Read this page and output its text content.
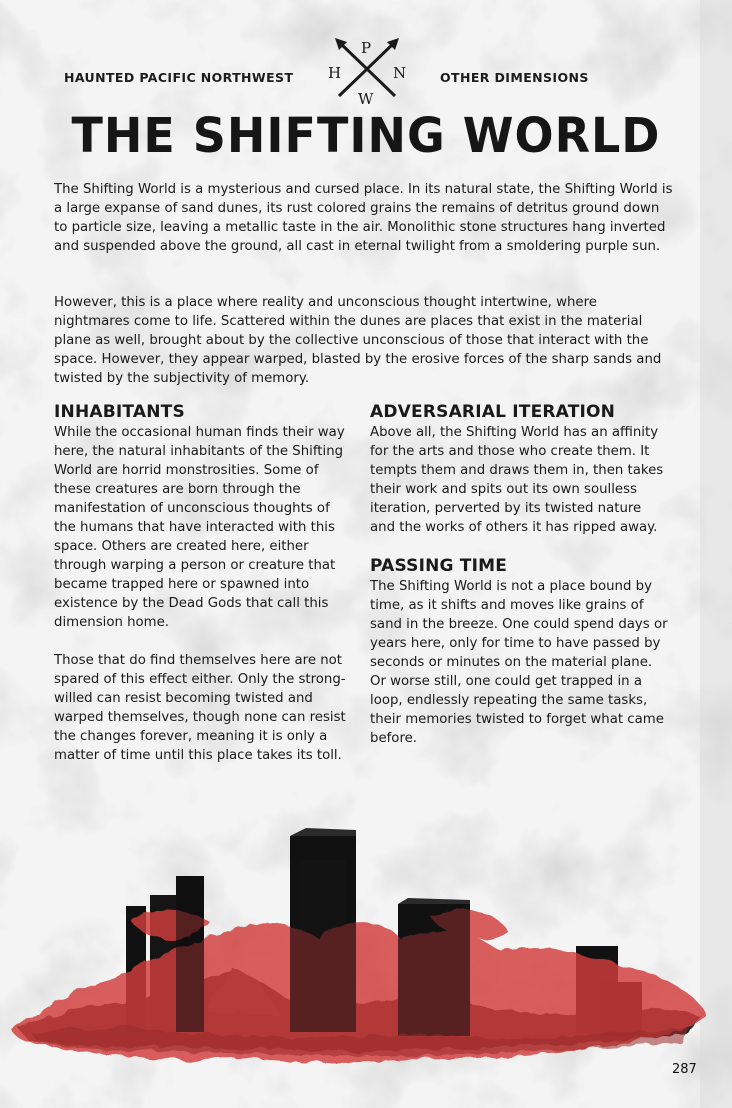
HAUNTED PACIFIC NORTHWEST	OTHER DIMENSIONS
P
H	N
W
THE SHIFTING WORLD

The Shifting World is a mysterious and cursed place. In its natural state, the Shifting World is a large expanse of sand dunes, its rust colored grains the remains of detritus ground down to particle size, leaving a metallic taste in the air. Monolithic stone structures hang inverted and suspended above the ground, all cast in eternal twilight from a smoldering purple sun.

However, this is a place where reality and unconscious thought intertwine, where nightmares come to life. Scattered within the dunes are places that exist in the material plane as well, brought about by the collective unconscious of those that interact with the space. However, they appear warped, blasted by the erosive forces of the sharp sands and twisted by the subjectivity of memory.

INHABITANTS

While the occasional human finds their way here, the natural inhabitants of the Shifting World are horrid monstrosities. Some of these creatures are born through the manifestation of unconscious thoughts of the humans that have interacted with this space. Others are created here, either through warping a person or creature that became trapped here or spawned into existence by the Dead Gods that call this dimension home.

Those that do find themselves here are not spared of this effect either. Only the strong-willed can resist becoming twisted and warped themselves, though none can resist the changes forever, meaning it is only a matter of time until this place takes its toll.

ADVERSARIAL ITERATION

Above all, the Shifting World has an affinity for the arts and those who create them. It tempts them and draws them in, then takes their work and spits out its own soulless iteration, perverted by its twisted nature and the works of others it has ripped away.

PASSING TIME

The Shifting World is not a place bound by time, as it shifts and moves like grains of sand in the breeze. One could spend days or years here, only for time to have passed by seconds or minutes on the material plane. Or worse still, one could get trapped in a loop, endlessly repeating the same tasks, their memories twisted to forget what came before.

287
